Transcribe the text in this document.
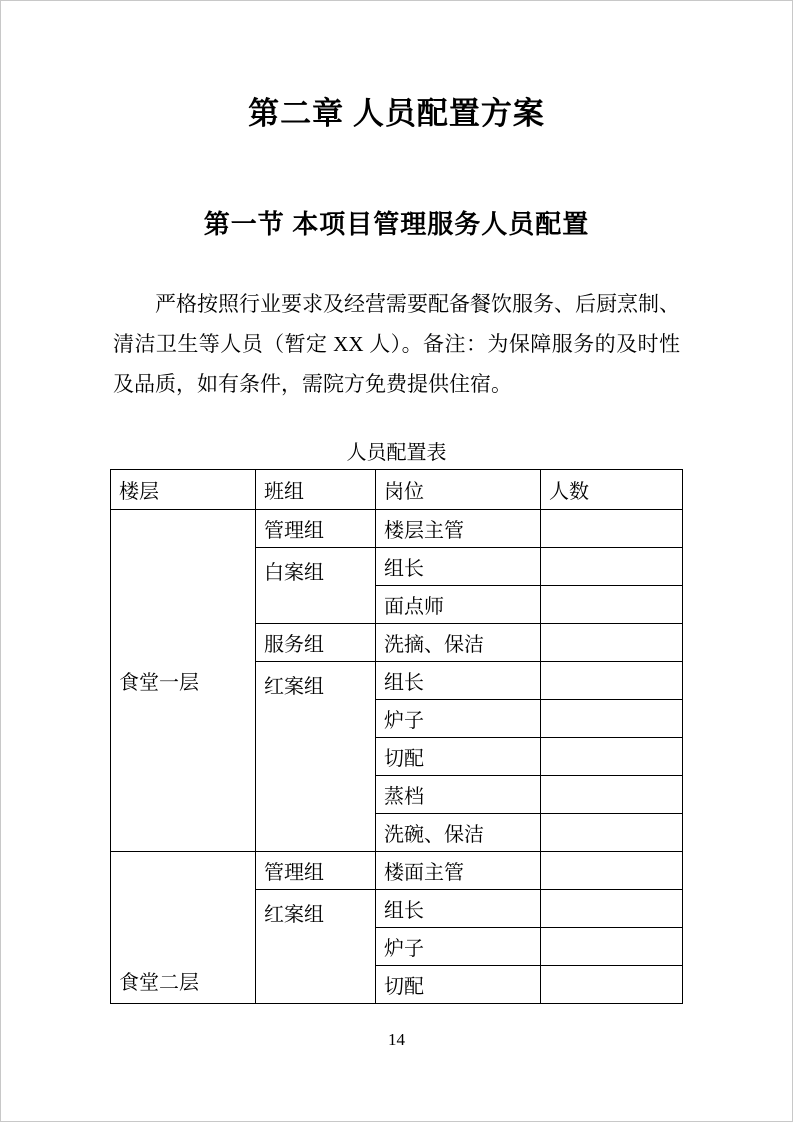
第二章 人员配置方案
第一节 本项目管理服务人员配置

严格按照行业要求及经营需要配备餐饮服务、后厨烹制、清洁卫生等人员（暂定 XX 人）。备注：为保障服务的及时性及品质，如有条件，需院方免费提供住宿。

人员配置表
楼层	班组	岗位	人数
食堂一层	管理组	楼层主管	
	白案组	组长	
		面点师	
	服务组	洗摘、保洁	
	红案组	组长	
		炉子	
		切配	
		蒸档	
		洗碗、保洁	
食堂二层	管理组	楼面主管	
	红案组	组长	
		炉子	
		切配	
14
